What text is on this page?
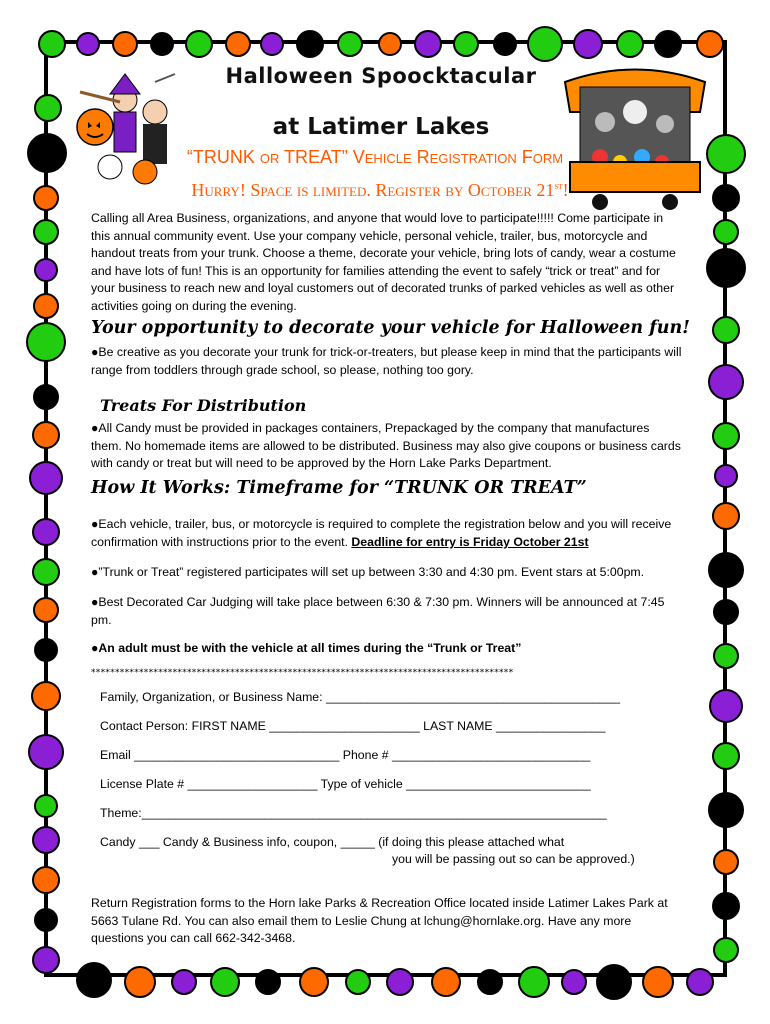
Halloween Spoocktacular
at Latimer Lakes
“TRUNK or TREAT” Vehicle Registration Form
Hurry! Space is limited. Register by October 21st!
Calling all Area Business, organizations, and anyone that would love to participate!!!!! Come participate in this annual community event. Use your company vehicle, personal vehicle, trailer, bus, motorcycle and handout treats from your trunk. Choose a theme, decorate your vehicle, bring lots of candy, wear a costume and have lots of fun! This is an opportunity for families attending the event to safely “trick or treat” and for your business to reach new and loyal customers out of decorated trunks of parked vehicles as well as other activities going on during the evening.
Your opportunity to decorate your vehicle for Halloween fun!
●Be creative as you decorate your trunk for trick-or-treaters, but please keep in mind that the participants will range from toddlers through grade school, so please, nothing too gory.
Treats For Distribution
●All Candy must be provided in packages containers, Prepackaged by the company that manufactures them. No homemade items are allowed to be distributed. Business may also give coupons or business cards with candy or treat but will need to be approved by the Horn Lake Parks Department.
How It Works: Timeframe for “TRUNK OR TREAT”
●Each vehicle, trailer, bus, or motorcycle is required to complete the registration below and you will receive confirmation with instructions prior to the event. Deadline for entry is Friday October 21st
●”Trunk or Treat” registered participates will set up between 3:30 and 4:30 pm. Event stars at 5:00pm.
●Best Decorated Car Judging will take place between 6:30 & 7:30 pm. Winners will be announced at 7:45 pm.
●An adult must be with the vehicle at all times during the “Trunk or Treat”
****************************************************************************************
Family, Organization, or Business Name: ___________________________________________
Contact Person: FIRST NAME ______________________ LAST NAME ________________
Email ______________________________ Phone # _____________________________
License Plate # ___________________ Type of vehicle ___________________________
Theme:____________________________________________________________________
Candy ___ Candy & Business info, coupon, _____ (if doing this please attached what
you will be passing out so can be approved.)
Return Registration forms to the Horn lake Parks & Recreation Office located inside Latimer Lakes Park at 5663 Tulane Rd. You can also email them to Leslie Chung at lchung@hornlake.org. Have any more questions you can call 662-342-3468.
